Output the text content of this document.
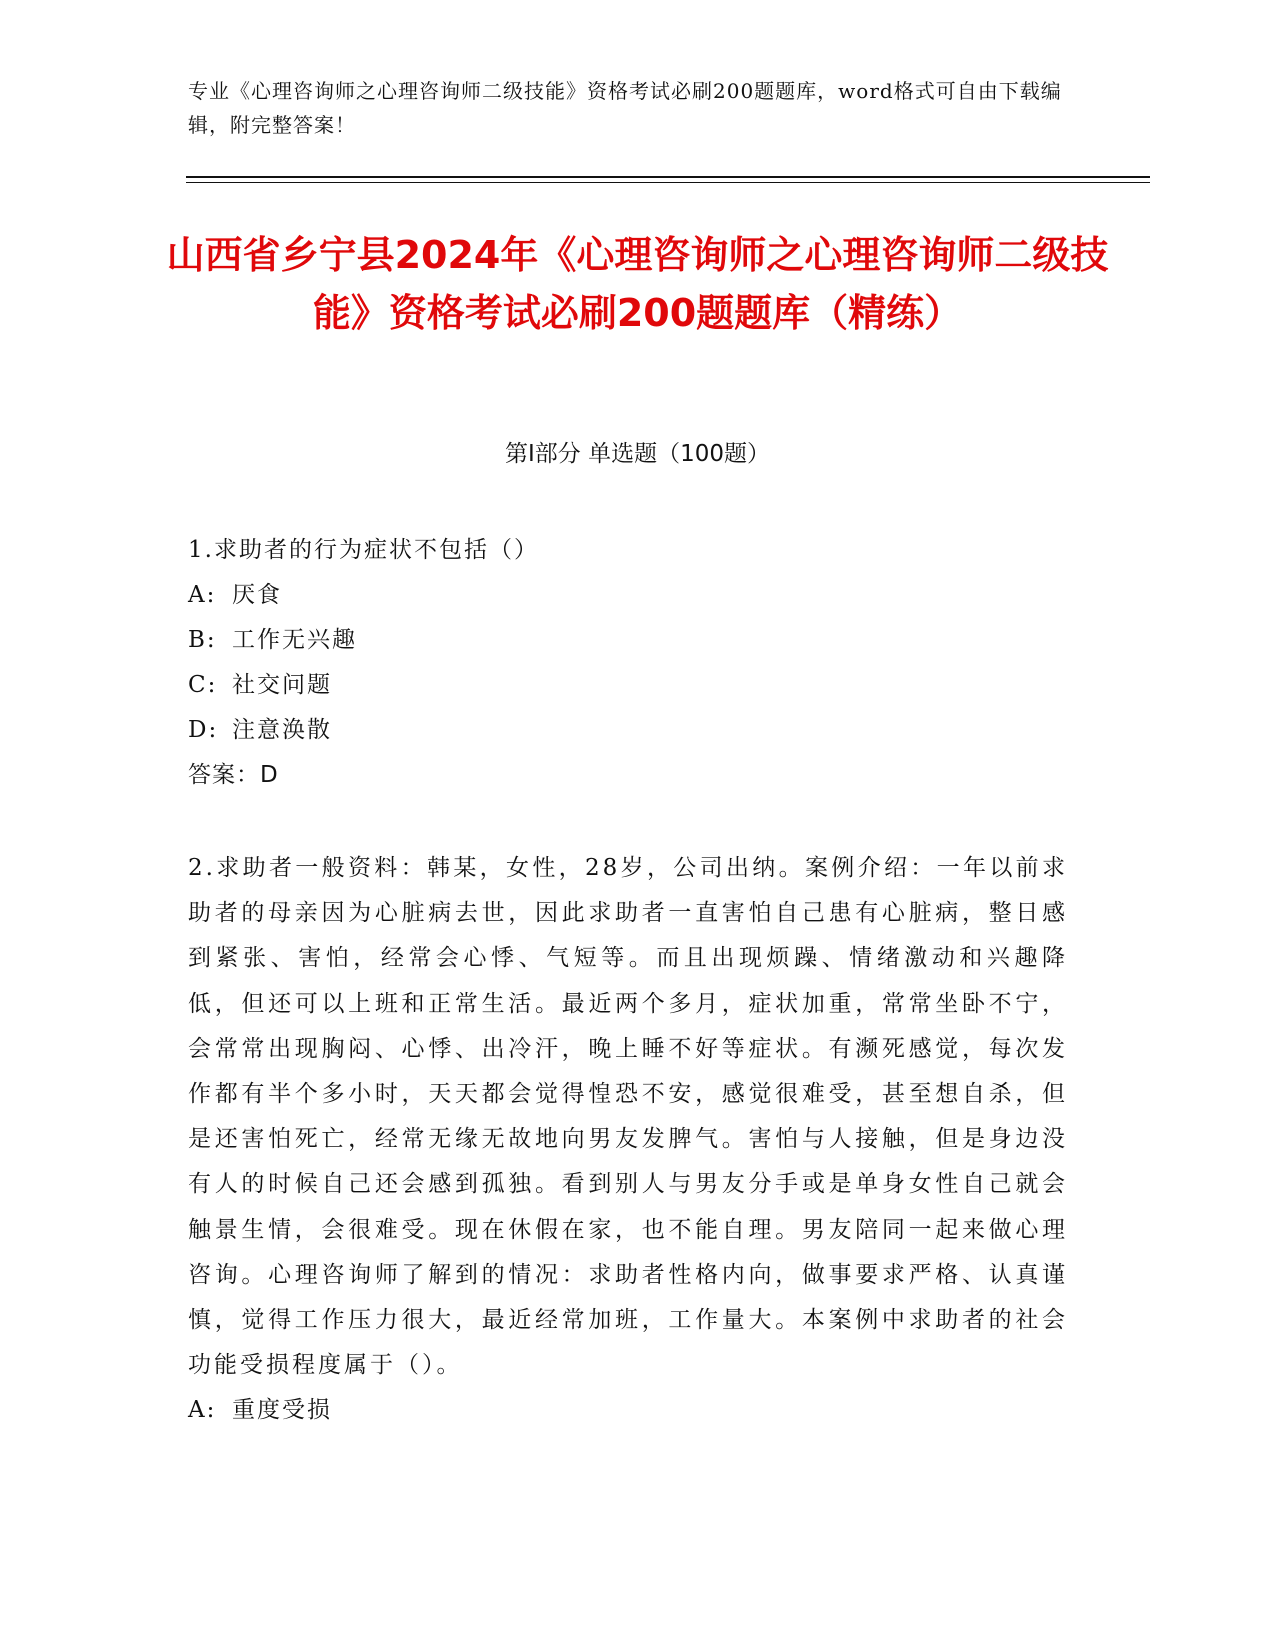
专业《心理咨询师之心理咨询师二级技能》资格考试必刷200题题库，word格式可自由下载编辑，附完整答案！
山西省乡宁县2024年《心理咨询师之心理咨询师二级技能》资格考试必刷200题题库（精练）
第Ⅰ部分 单选题（100题）
1.求助者的行为症状不包括（）
A: 厌食
B: 工作无兴趣
C: 社交问题
D: 注意涣散
答案：D
2.求助者一般资料：韩某，女性，28岁，公司出纳。案例介绍：一年以前求助者的母亲因为心脏病去世，因此求助者一直害怕自己患有心脏病，整日感到紧张、害怕，经常会心悸、气短等。而且出现烦躁、情绪激动和兴趣降低，但还可以上班和正常生活。最近两个多月，症状加重，常常坐卧不宁，会常常出现胸闷、心悸、出冷汗，晚上睡不好等症状。有濒死感觉，每次发作都有半个多小时，天天都会觉得惶恐不安，感觉很难受，甚至想自杀，但是还害怕死亡，经常无缘无故地向男友发脾气。害怕与人接触，但是身边没有人的时候自己还会感到孤独。看到别人与男友分手或是单身女性自己就会触景生情，会很难受。现在休假在家，也不能自理。男友陪同一起来做心理咨询。心理咨询师了解到的情况：求助者性格内向，做事要求严格、认真谨慎，觉得工作压力很大，最近经常加班，工作量大。本案例中求助者的社会功能受损程度属于（）。
A: 重度受损
